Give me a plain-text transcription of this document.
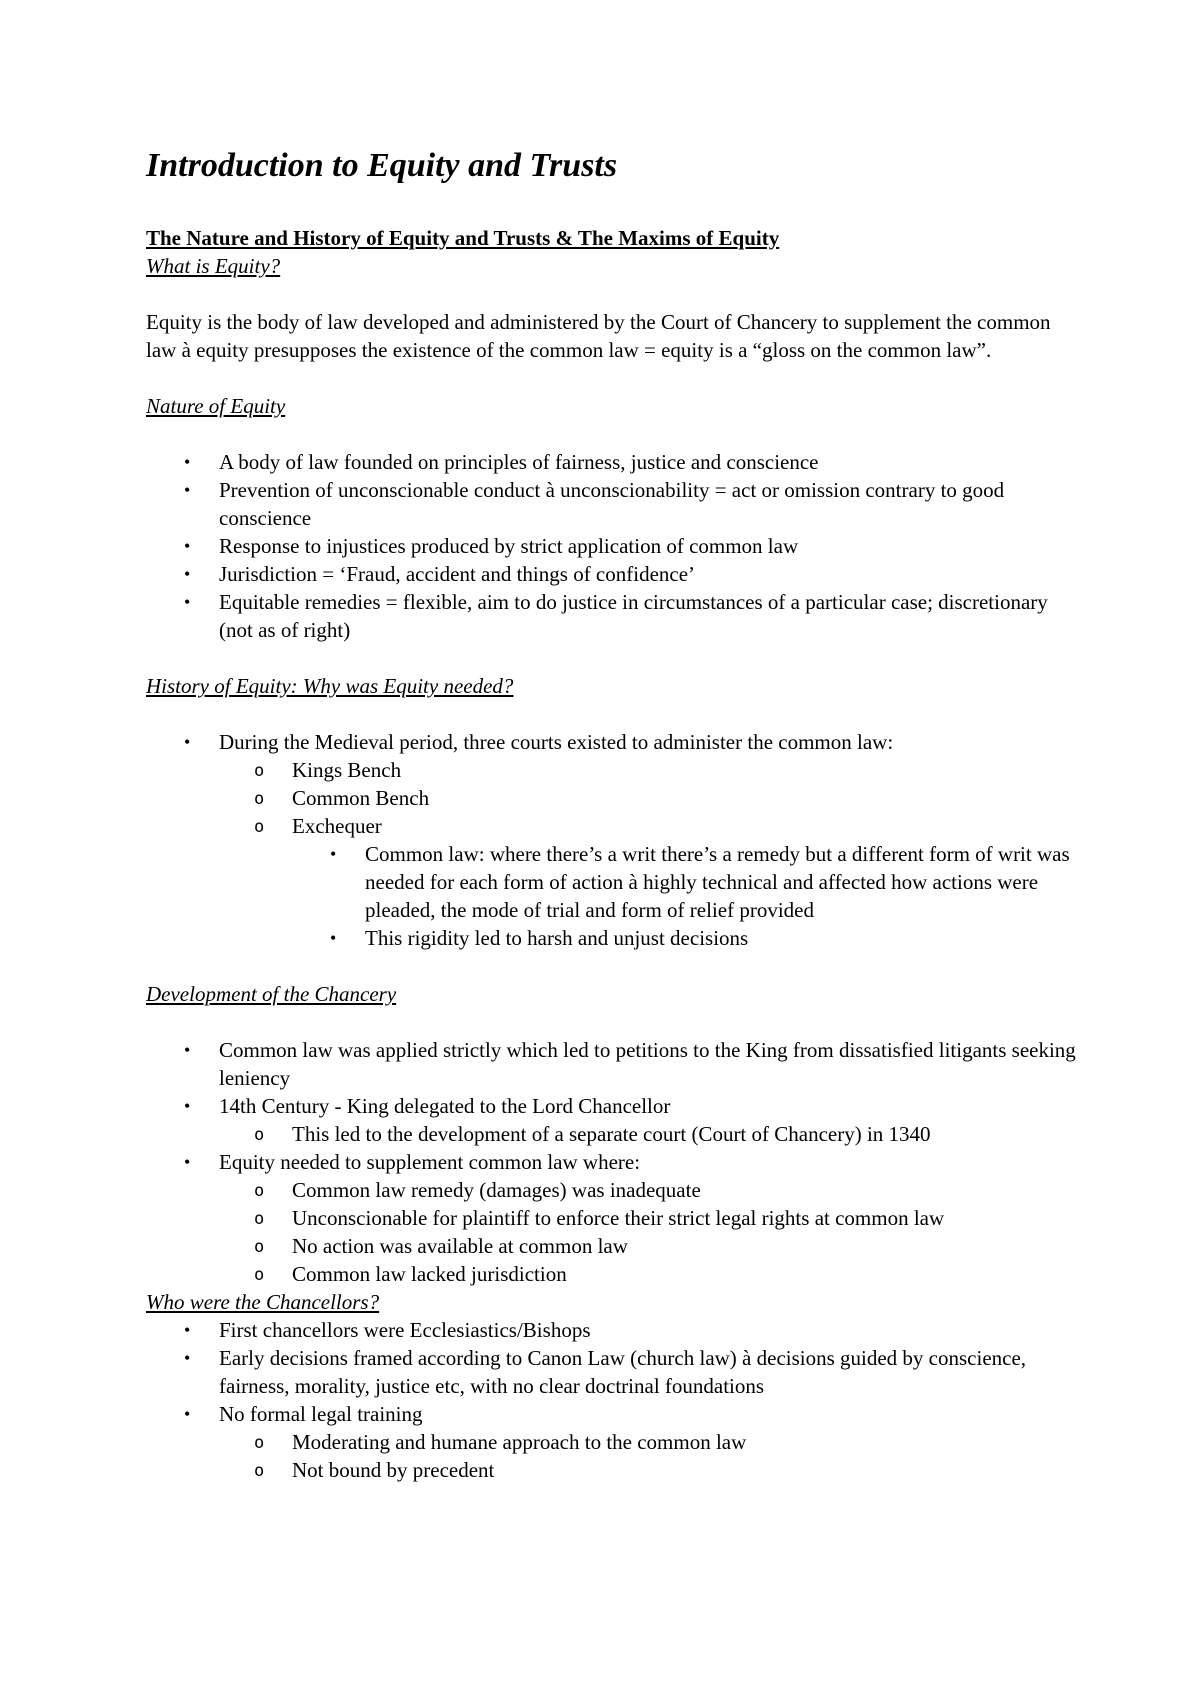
Introduction to Equity and Trusts
The Nature and History of Equity and Trusts & The Maxims of Equity
What is Equity?

Equity is the body of law developed and administered by the Court of Chancery to supplement the common law à equity presupposes the existence of the common law = equity is a “gloss on the common law”.

Nature of Equity
• A body of law founded on principles of fairness, justice and conscience
• Prevention of unconscionable conduct à unconscionability = act or omission contrary to good conscience
• Response to injustices produced by strict application of common law
• Jurisdiction = ‘Fraud, accident and things of confidence’
• Equitable remedies = flexible, aim to do justice in circumstances of a particular case; discretionary (not as of right)
History of Equity: Why was Equity needed?
• During the Medieval period, three courts existed to administer the common law:
o Kings Bench
o Common Bench
o Exchequer
• Common law: where there’s a writ there’s a remedy but a different form of writ was needed for each form of action à highly technical and affected how actions were pleaded, the mode of trial and form of relief provided
• This rigidity led to harsh and unjust decisions
Development of the Chancery
• Common law was applied strictly which led to petitions to the King from dissatisfied litigants seeking leniency
• 14th Century - King delegated to the Lord Chancellor
o This led to the development of a separate court (Court of Chancery) in 1340
• Equity needed to supplement common law where:
o Common law remedy (damages) was inadequate
o Unconscionable for plaintiff to enforce their strict legal rights at common law
o No action was available at common law
o Common law lacked jurisdiction
Who were the Chancellors?
• First chancellors were Ecclesiastics/Bishops
• Early decisions framed according to Canon Law (church law) à decisions guided by conscience, fairness, morality, justice etc, with no clear doctrinal foundations
• No formal legal training
o Moderating and humane approach to the common law
o Not bound by precedent
